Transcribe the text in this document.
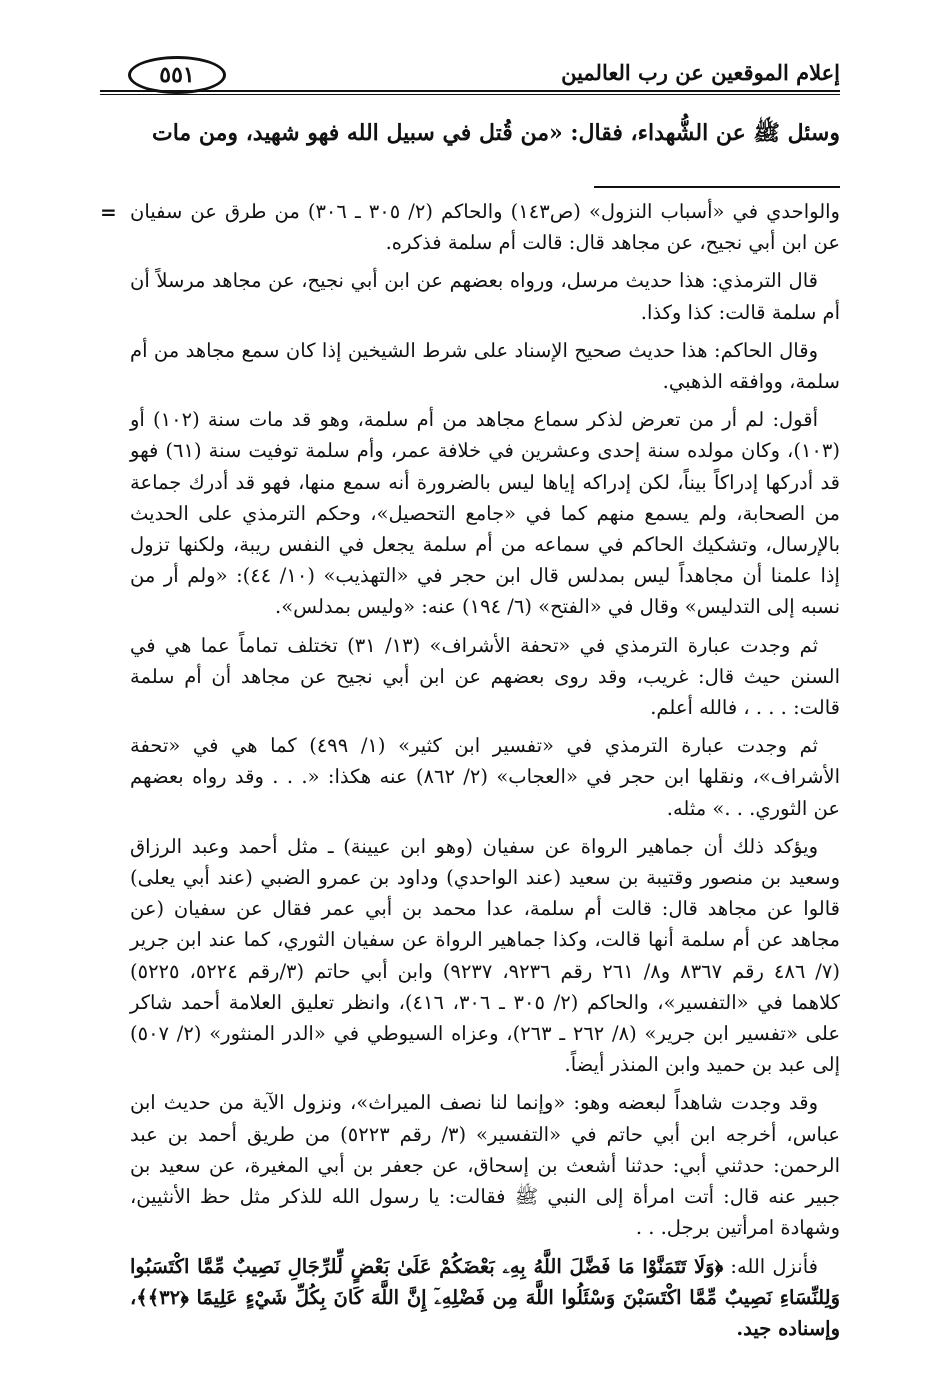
إعلام الموقعين عن رب العالمين
٥٥١
وسئل ﷺ عن الشُّهداء، فقال: «من قُتل في سبيل الله فهو شهيد، ومن مات
= والواحدي في «أسباب النزول» (ص١٤٣) والحاكم (٢/ ٣٠٥ ـ ٣٠٦) من طرق عن سفيان عن ابن أبي نجيح، عن مجاهد قال: قالت أم سلمة فذكره.

قال الترمذي: هذا حديث مرسل، ورواه بعضهم عن ابن أبي نجيح، عن مجاهد مرسلاً أن أم سلمة قالت: كذا وكذا.

وقال الحاكم: هذا حديث صحيح الإسناد على شرط الشيخين إذا كان سمع مجاهد من أم سلمة، ووافقه الذهبي.

أقول: لم أر من تعرض لذكر سماع مجاهد من أم سلمة، وهو قد مات سنة (١٠٢) أو (١٠٣)، وكان مولده سنة إحدى وعشرين في خلافة عمر، وأم سلمة توفيت سنة (٦١) فهو قد أدركها إدراكاً بيناً، لكن إدراكه إياها ليس بالضرورة أنه سمع منها، فهو قد أدرك جماعة من الصحابة، ولم يسمع منهم كما في «جامع التحصيل»، وحكم الترمذي على الحديث بالإرسال، وتشكيك الحاكم في سماعه من أم سلمة يجعل في النفس ريبة، ولكنها تزول إذا علمنا أن مجاهداً ليس بمدلس قال ابن حجر في «التهذيب» (١٠/ ٤٤): «ولم أر من نسبه إلى التدليس» وقال في «الفتح» (٦/ ١٩٤) عنه: «وليس بمدلس».

ثم وجدت عبارة الترمذي في «تحفة الأشراف» (١٣/ ٣١) تختلف تماماً عما هي في السنن حيث قال: غريب، وقد روى بعضهم عن ابن أبي نجيح عن مجاهد أن أم سلمة قالت: . . . ، فالله أعلم.

ثم وجدت عبارة الترمذي في «تفسير ابن كثير» (١/ ٤٩٩) كما هي في «تحفة الأشراف»، ونقلها ابن حجر في «العجاب» (٢/ ٨٦٢) عنه هكذا: «. . . وقد رواه بعضهم عن الثوري. . .» مثله.

ويؤكد ذلك أن جماهير الرواة عن سفيان (وهو ابن عيينة) ـ مثل أحمد وعبد الرزاق وسعيد بن منصور وقتيبة بن سعيد (عند الواحدي) وداود بن عمرو الضبي (عند أبي يعلى) قالوا عن مجاهد قال: قالت أم سلمة، عدا محمد بن أبي عمر فقال عن سفيان (عن مجاهد عن أم سلمة أنها قالت، وكذا جماهير الرواة عن سفيان الثوري، كما عند ابن جرير (٧/ ٤٨٦ رقم ٨٣٦٧ و٨/ ٢٦١ رقم ٩٢٣٦، ٩٢٣٧) وابن أبي حاتم (٣/رقم ٥٢٢٤، ٥٢٢٥) كلاهما في «التفسير»، والحاكم (٢/ ٣٠٥ ـ ٣٠٦، ٤١٦)، وانظر تعليق العلامة أحمد شاكر على «تفسير ابن جرير» (٨/ ٢٦٢ ـ ٢٦٣)، وعزاه السيوطي في «الدر المنثور» (٢/ ٥٠٧) إلى عبد بن حميد وابن المنذر أيضاً.

وقد وجدت شاهداً لبعضه وهو: «وإنما لنا نصف الميراث»، ونزول الآية من حديث ابن عباس، أخرجه ابن أبي حاتم في «التفسير» (٣/ رقم ٥٢٢٣) من طريق أحمد بن عبد الرحمن: حدثني أبي: حدثنا أشعث بن إسحاق، عن جعفر بن أبي المغيرة، عن سعيد بن جبير عنه قال: أتت امرأة إلى النبي ﷺ فقالت: يا رسول الله للذكر مثل حظ الأنثيين، وشهادة امرأتين برجل. . .

فأنزل الله: ﴿وَلَا تَتَمَنَّوْا مَا فَضَّلَ اللَّهُ بِهِۦ بَعْضَكُمْ عَلَىٰ بَعْضٍ لِّلرِّجَالِ نَصِيبٌ مِّمَّا اكْتَسَبُوا وَلِلنِّسَاءِ نَصِيبٌ مِّمَّا اكْتَسَبْنَ وَسْئَلُوا اللَّهَ مِن فَضْلِهِۦٓ إِنَّ اللَّهَ كَانَ بِكُلِّ شَيْءٍ عَلِيمًا ﴿٣٢﴾﴾، وإسناده جيد.
